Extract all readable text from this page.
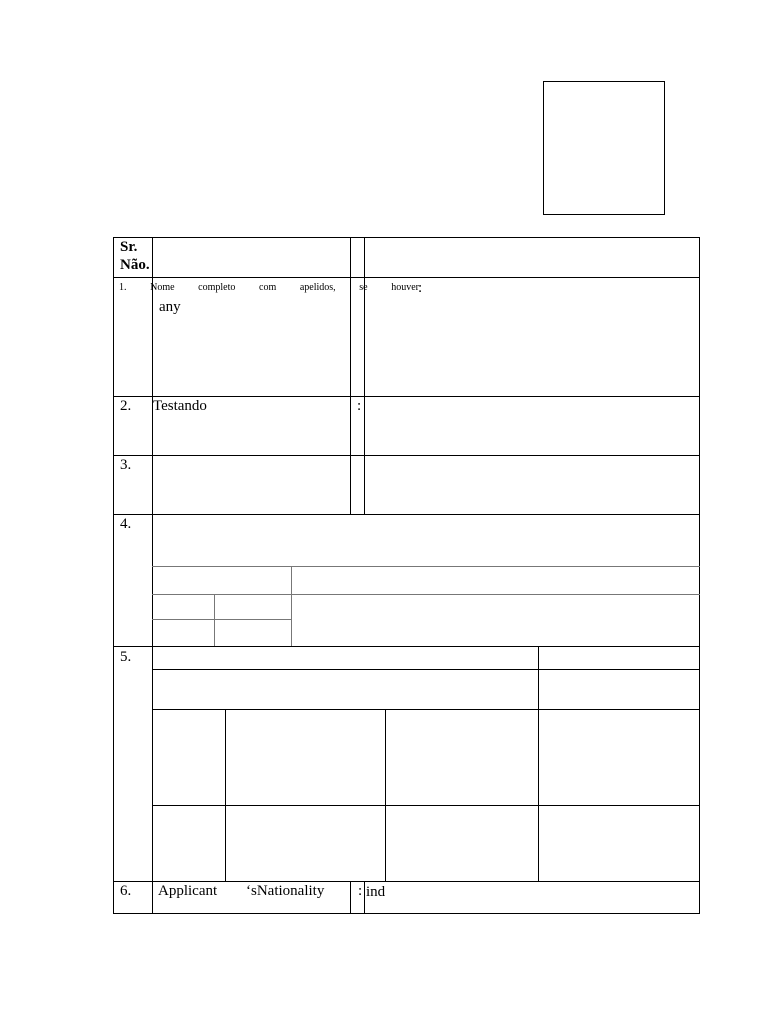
Sr.
Não.
1. Nome completo com apelidos, se houver :
any
2. Testando	:
3.
4.
5.
6. Applicant ‘sNationality : ind
